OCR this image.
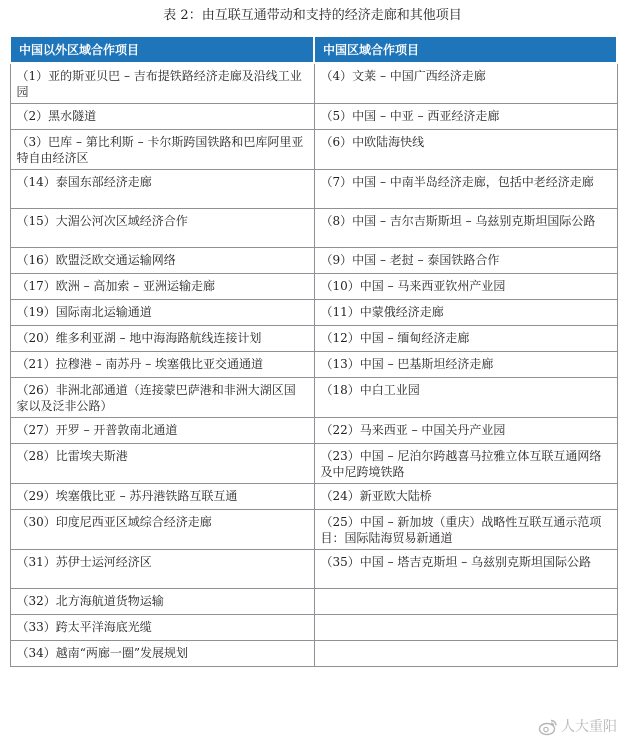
表 2：由互联互通带动和支持的经济走廊和其他项目
中国以外区域合作项目	中国区域合作项目
（1）亚的斯亚贝巴 – 吉布提铁路经济走廊及沿线工业园	（4）文莱 – 中国广西经济走廊
（2）黑水隧道	（5）中国 – 中亚 – 西亚经济走廊
（3）巴库 – 第比利斯 – 卡尔斯跨国铁路和巴库阿里亚特自由经济区	（6）中欧陆海快线
（14）泰国东部经济走廊	（7）中国 – 中南半岛经济走廊，包括中老经济走廊
（15）大湄公河次区域经济合作	（8）中国 – 吉尔吉斯斯坦 – 乌兹别克斯坦国际公路
（16）欧盟泛欧交通运输网络	（9）中国 – 老挝 – 泰国铁路合作
（17）欧洲 – 高加索 – 亚洲运输走廊	（10）中国 – 马来西亚钦州产业园
（19）国际南北运输通道	（11）中蒙俄经济走廊
（20）维多利亚湖 – 地中海海路航线连接计划	（12）中国 – 缅甸经济走廊
（21）拉穆港 – 南苏丹 – 埃塞俄比亚交通通道	（13）中国 – 巴基斯坦经济走廊
（26）非洲北部通道（连接蒙巴萨港和非洲大湖区国家以及泛非公路）	（18）中白工业园
（27）开罗 – 开普敦南北通道	（22）马来西亚 – 中国关丹产业园
（28）比雷埃夫斯港	（23）中国 – 尼泊尔跨越喜马拉雅立体互联互通网络及中尼跨境铁路
（29）埃塞俄比亚 – 苏丹港铁路互联互通	（24）新亚欧大陆桥
（30）印度尼西亚区域综合经济走廊	（25）中国 – 新加坡（重庆）战略性互联互通示范项目：国际陆海贸易新通道
（31）苏伊士运河经济区	（35）中国 – 塔吉克斯坦 – 乌兹别克斯坦国际公路
（32）北方海航道货物运输	
（33）跨太平洋海底光缆	
（34）越南“两廊一圈”发展规划	
人大重阳
